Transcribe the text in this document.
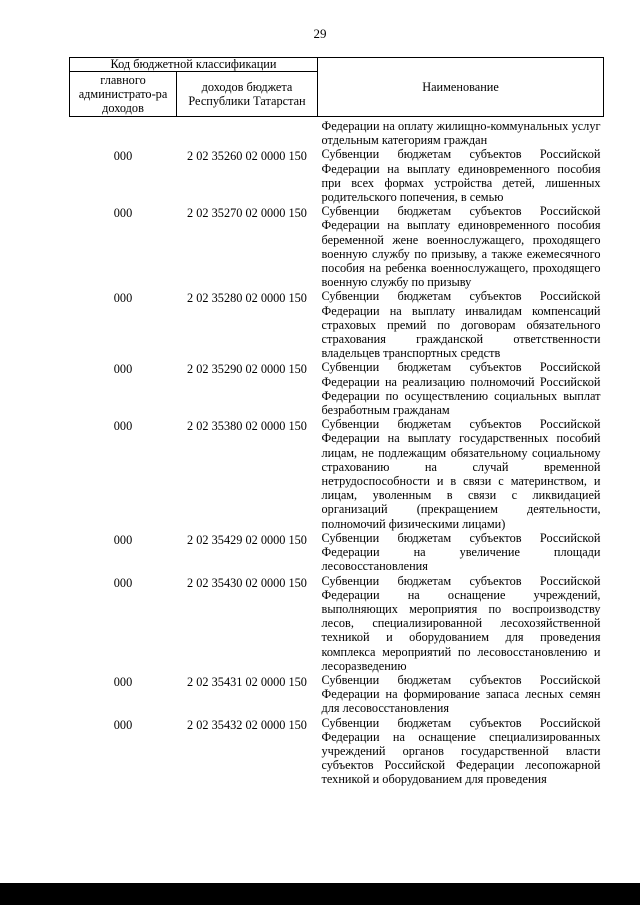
29
Код бюджетной классификации		Наименование
главного администрато-ра доходов	доходов бюджета Республики Татарстан	
		Федерации на оплату жилищно-коммунальных услуг отдельным категориям граждан
000	2 02 35260 02 0000 150	Субвенции бюджетам субъектов Российской Федерации на выплату единовременного пособия при всех формах устройства детей, лишенных родительского попечения, в семью
000	2 02 35270 02 0000 150	Субвенции бюджетам субъектов Российской Федерации на выплату единовременного пособия беременной жене военнослужащего, проходящего военную службу по призыву, а также ежемесячного пособия на ребенка военнослужащего, проходящего военную службу по призыву
000	2 02 35280 02 0000 150	Субвенции бюджетам субъектов Российской Федерации на выплату инвалидам компенсаций страховых премий по договорам обязательного страхования гражданской ответственности владельцев транспортных средств
000	2 02 35290 02 0000 150	Субвенции бюджетам субъектов Российской Федерации на реализацию полномочий Российской Федерации по осуществлению социальных выплат безработным гражданам
000	2 02 35380 02 0000 150	Субвенции бюджетам субъектов Российской Федерации на выплату государственных пособий лицам, не подлежащим обязательному социальному страхованию на случай временной нетрудоспособности и в связи с материнством, и лицам, уволенным в связи с ликвидацией организаций (прекращением деятельности, полномочий физическими лицами)
000	2 02 35429 02 0000 150	Субвенции бюджетам субъектов Российской Федерации на увеличение площади лесовосстановления
000	2 02 35430 02 0000 150	Субвенции бюджетам субъектов Российской Федерации на оснащение учреждений, выполняющих мероприятия по воспроизводству лесов, специализированной лесохозяйственной техникой и оборудованием для проведения комплекса мероприятий по лесовосстановлению и лесоразведению
000	2 02 35431 02 0000 150	Субвенции бюджетам субъектов Российской Федерации на формирование запаса лесных семян для лесовосстановления
000	2 02 35432 02 0000 150	Субвенции бюджетам субъектов Российской Федерации на оснащение специализированных учреждений органов государственной власти субъектов Российской Федерации лесопожарной техникой и оборудованием для проведения
